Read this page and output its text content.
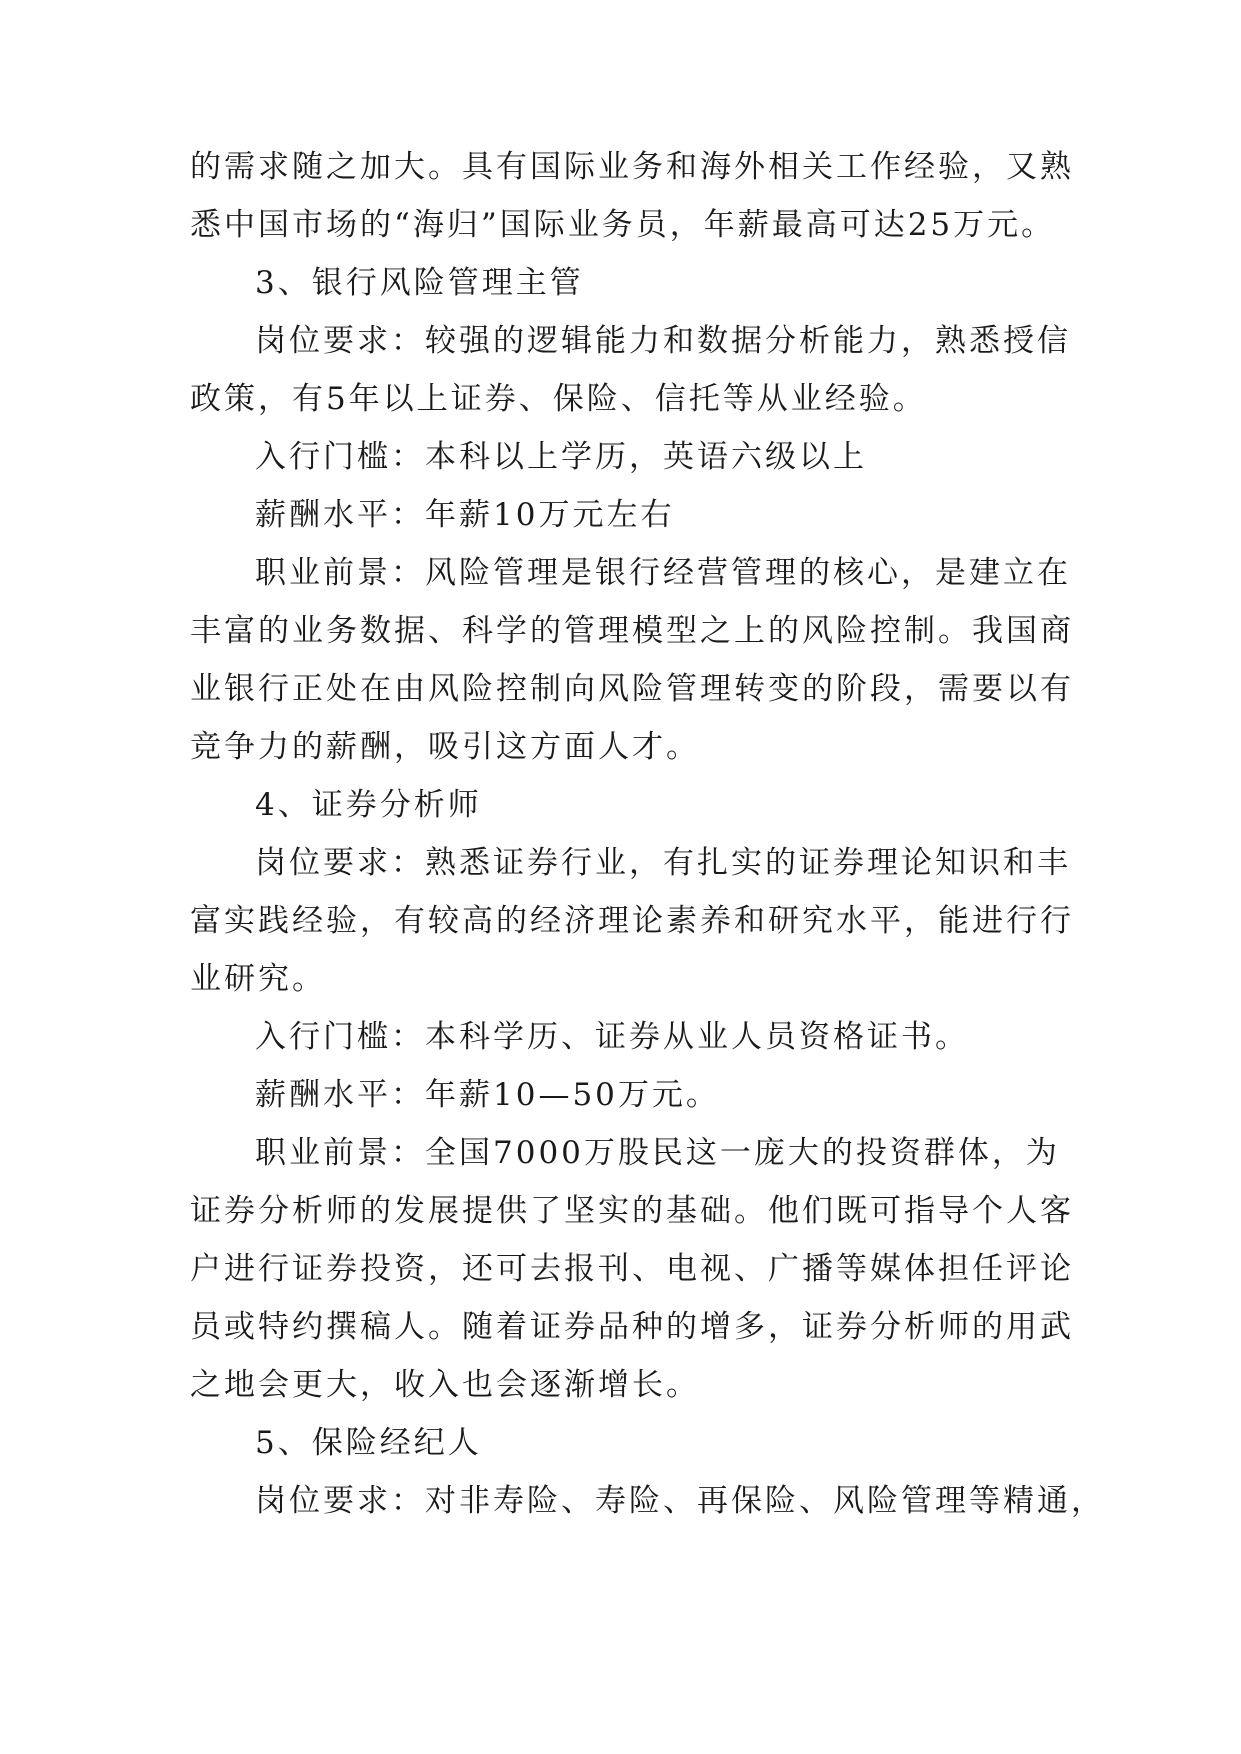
的需求随之加大。具有国际业务和海外相关工作经验，又熟
悉中国市场的“海归”国际业务员，年薪最高可达25万元。
3、银行风险管理主管
岗位要求：较强的逻辑能力和数据分析能力，熟悉授信
政策，有5年以上证券、保险、信托等从业经验。
入行门槛：本科以上学历，英语六级以上
薪酬水平：年薪10万元左右
职业前景：风险管理是银行经营管理的核心，是建立在
丰富的业务数据、科学的管理模型之上的风险控制。我国商
业银行正处在由风险控制向风险管理转变的阶段，需要以有
竞争力的薪酬，吸引这方面人才。
4、证券分析师
岗位要求：熟悉证券行业，有扎实的证券理论知识和丰
富实践经验，有较高的经济理论素养和研究水平，能进行行
业研究。
入行门槛：本科学历、证券从业人员资格证书。
薪酬水平：年薪10—50万元。
职业前景：全国7000万股民这一庞大的投资群体，为
证券分析师的发展提供了坚实的基础。他们既可指导个人客
户进行证券投资，还可去报刊、电视、广播等媒体担任评论
员或特约撰稿人。随着证券品种的增多，证券分析师的用武
之地会更大，收入也会逐渐增长。
5、保险经纪人
岗位要求：对非寿险、寿险、再保险、风险管理等精通，
